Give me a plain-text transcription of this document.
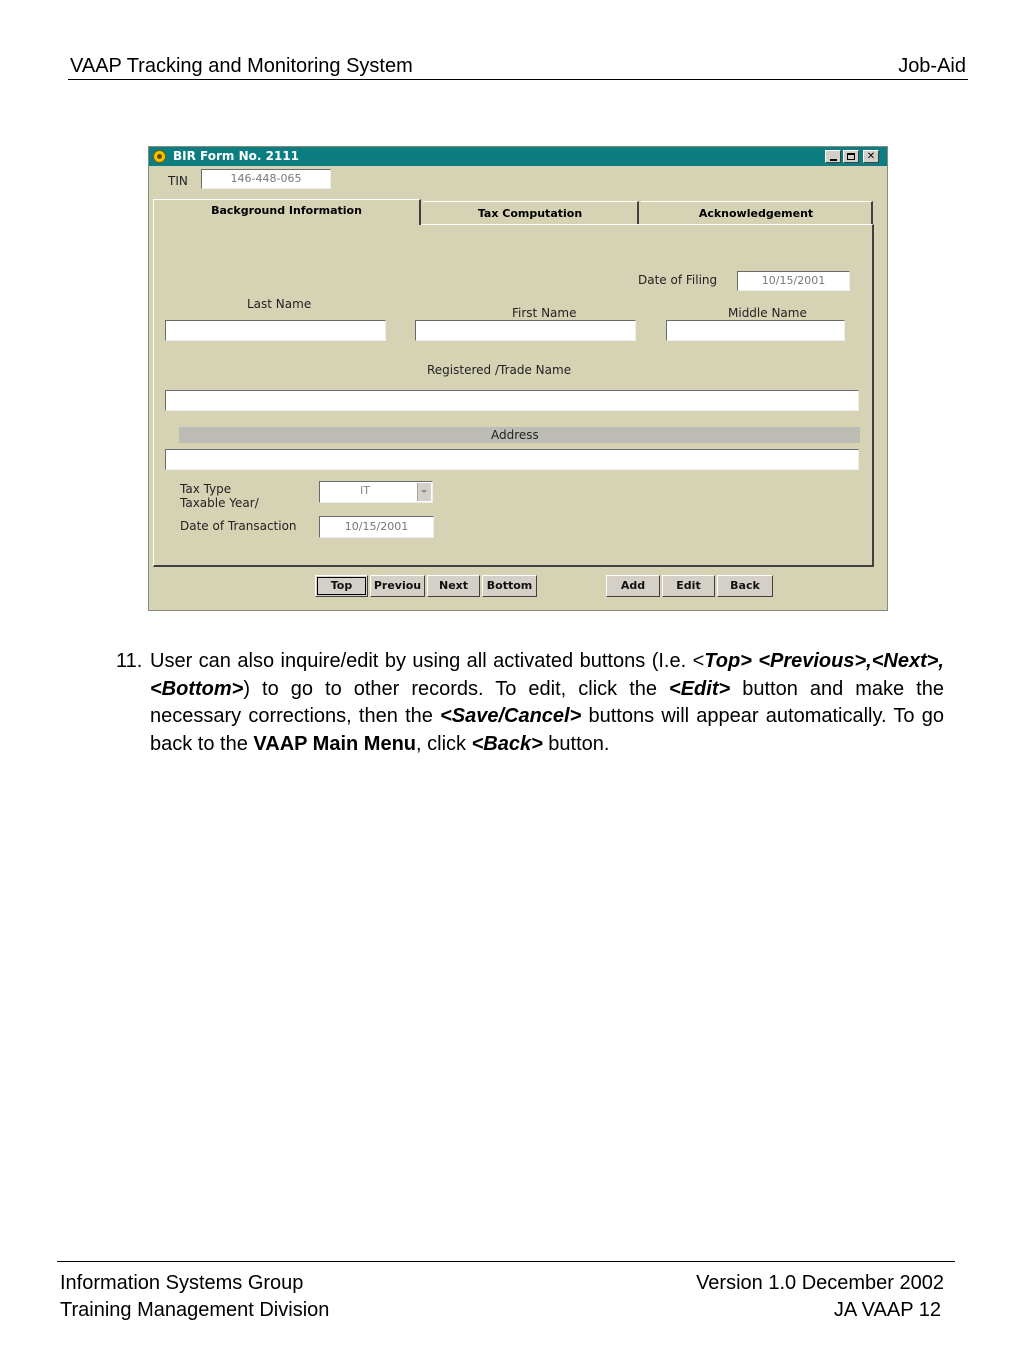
VAAP Tracking and Monitoring System	Job-Aid
BIR Form No. 2111	✕
TIN	146-448-065
Background Information	Tax Computation	Acknowledgement
Date of Filing	10/15/2001
Last Name
First Name	Middle Name
Registered /Trade Name
Address
Tax Type
Taxable Year/
IT
Date of Transaction	10/15/2001
Top	Previou	Next	Bottom	Add	Edit	Back
11. User can also inquire/edit by using all activated buttons (I.e. <Top> <Previous>,<Next>,<Bottom>) to go to other records. To edit, click the <Edit> button and make the necessary corrections, then the <Save/Cancel> buttons will appear automatically. To go back to the VAAP Main Menu, click <Back> button.
Information Systems Group
Training Management Division
Version 1.0 December 2002
JA VAAP 12
